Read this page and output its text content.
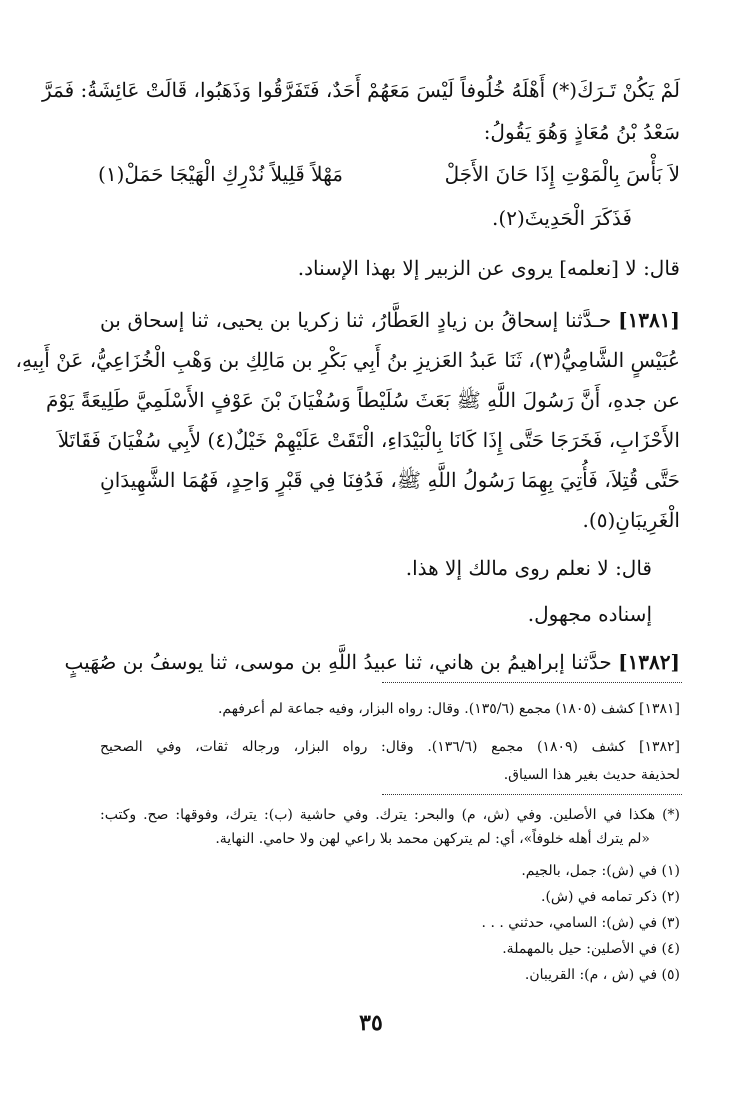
لَمْ يَكُنْ تَـرَكَ(*) أَهْلَهُ خُلُوفاً لَيْسَ مَعَهُمْ أَحَدٌ، فَتَفَرَّقُوا وَذَهَبُوا، قَالَتْ عَائِشَةُ: فَمَرَّ
سَعْدُ بْنُ مُعَاذٍ وَهُوَ يَقُولُ:
لاَ بَأْسَ بِالْمَوْتِ إِذَا حَانَ الأَجَلْ
مَهْلاً قَلِيلاً نُدْرِكِ الْهَيْجَا حَمَلْ(١)
فَذَكَرَ الْحَدِيثَ(٢).
قال: لا [نعلمه] يروى عن الزبير إلا بهذا الإسناد.
[١٣٨١] حـدَّثنا إسحاقُ بن زيادٍ العَطَّارُ، ثنا زكريا بن يحيى، ثنا إسحاق بن
عُبَيْسٍ الشَّامِيُّ(٣)، ثَنَا عَبدُ العَزيزِ بنُ أَبِي بَكْرِ بن مَالِكِ بن وَهْبِ الْخُزَاعِيُّ، عَنْ أَبِيهِ،
عن جدهِ، أَنَّ رَسُولَ اللَّهِ ﷺ بَعَثَ سُلَيْطاً وَسُفْيَانَ بْنَ عَوْفٍ الأَسْلَمِيَّ طَلِيعَةً يَوْمَ
الأَحْزَابِ، فَخَرَجَا حَتَّى إِذَا كَانَا بِالْبَيْدَاءِ، الْتَقَتْ عَلَيْهِمْ خَيْلٌ(٤) لأَبِي سُفْيَانَ فَقَاتَلاَ
حَتَّى قُتِلاَ، فَأُتِيَ بِهِمَا رَسُولُ اللَّهِ ﷺ، فَدُفِنَا فِي قَبْرٍ وَاحِدٍ، فَهُمَا الشَّهِيدَانِ
الْغَرِيبَانِ(٥).
قال: لا نعلم روى مالك إلا هذا.
إسناده مجهول.
[١٣٨٢] حدَّثنا إبراهيمُ بن هاني، ثنا عبيدُ اللَّهِ بن موسى، ثنا يوسفُ بن صُهَيبٍ
[١٣٨١] كشف (١٨٠٥) مجمع (١٣٥/٦). وقال: رواه البزار، وفيه جماعة لم أعرفهم.
[١٣٨٢] كشف (١٨٠٩) مجمع (١٣٦/٦). وقال: رواه البزار، ورجاله ثقات، وفي الصحيح
لحذيفة حديث بغير هذا السياق.
(*) هكذا في الأصلين. وفي (ش، م) والبحر: يترك. وفي حاشية (ب): يترك، وفوقها: صح. وكتب:
«لم يترك أهله خلوفاً»، أي: لم يتركهن محمد بلا راعي لهن ولا حامي. النهاية.
(١) في (ش): جمل، بالجيم.
(٢) ذكر تمامه في (ش).
(٣) في (ش): السامي، حدثني . . .
(٤) في الأصلين: حيل بالمهملة.
(٥) في (ش ، م): القريبان.
٣٥
